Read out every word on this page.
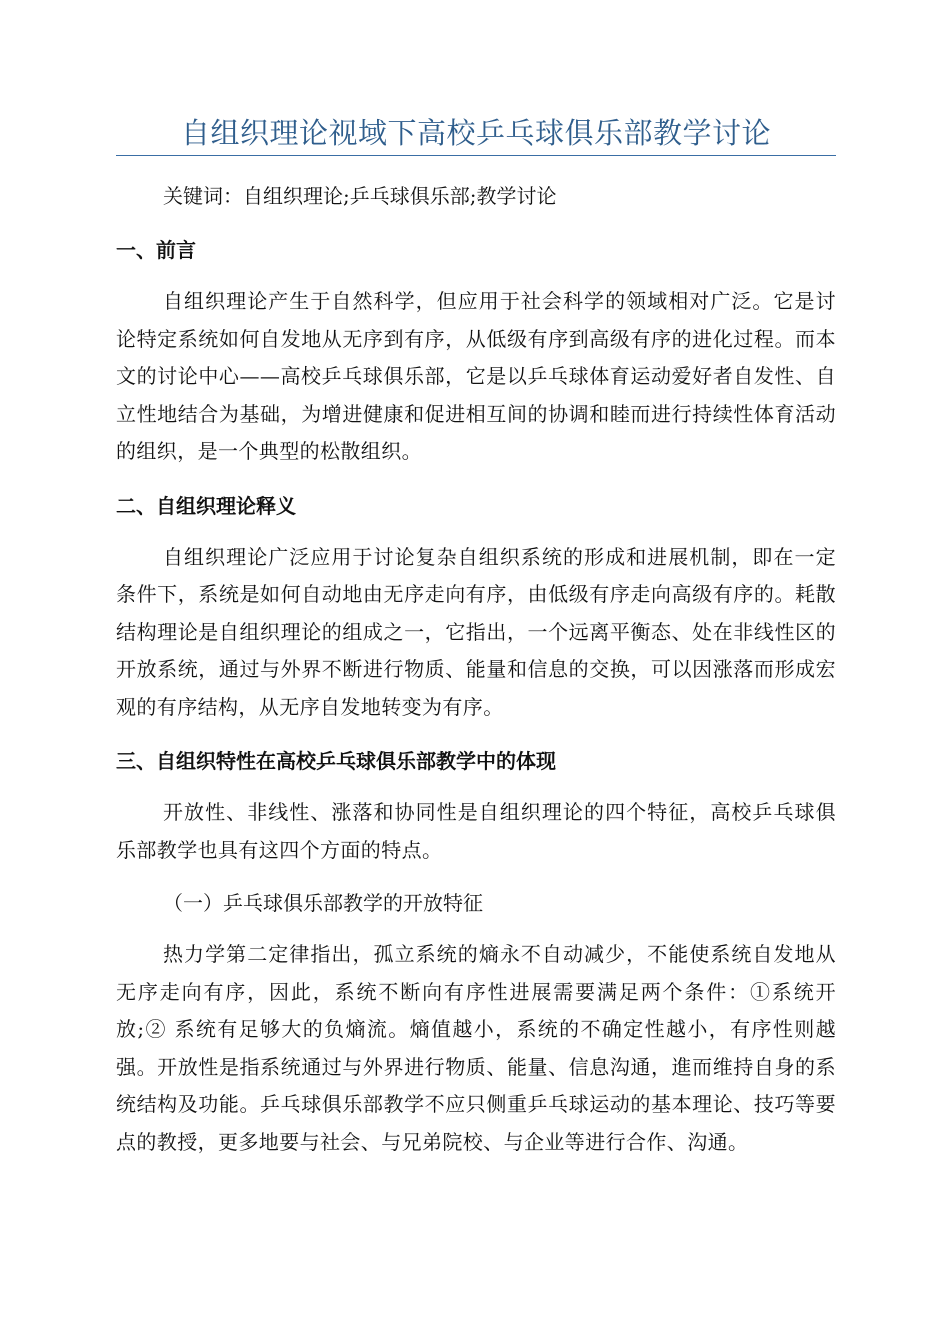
自组织理论视域下高校乒乓球俱乐部教学讨论
关键词：自组织理论;乒乓球俱乐部;教学讨论
一、前言

自组织理论产生于自然科学，但应用于社会科学的领域相对广泛。它是讨论特定系统如何自发地从无序到有序，从低级有序到高级有序的进化过程。而本文的讨论中心——高校乒乓球俱乐部，它是以乒乓球体育运动爱好者自发性、自立性地结合为基础，为增进健康和促进相互间的协调和睦而进行持续性体育活动的组织，是一个典型的松散组织。

二、自组织理论释义

自组织理论广泛应用于讨论复杂自组织系统的形成和进展机制，即在一定条件下，系统是如何自动地由无序走向有序，由低级有序走向高级有序的。耗散结构理论是自组织理论的组成之一，它指出，一个远离平衡态、处在非线性区的开放系统，通过与外界不断进行物质、能量和信息的交换，可以因涨落而形成宏观的有序结构，从无序自发地转变为有序。

三、自组织特性在高校乒乓球俱乐部教学中的体现

开放性、非线性、涨落和协同性是自组织理论的四个特征，高校乒乓球俱乐部教学也具有这四个方面的特点。

（一）乒乓球俱乐部教学的开放特征

热力学第二定律指出，孤立系统的熵永不自动减少，不能使系统自发地从无序走向有序，因此，系统不断向有序性进展需要满足两个条件：①系统开放;② 系统有足够大的负熵流。熵值越小，系统的不确定性越小，有序性则越强。开放性是指系统通过与外界进行物质、能量、信息沟通，進而维持自身的系统结构及功能。乒乓球俱乐部教学不应只侧重乒乓球运动的基本理论、技巧等要点的教授，更多地要与社会、与兄弟院校、与企业等进行合作、沟通。
